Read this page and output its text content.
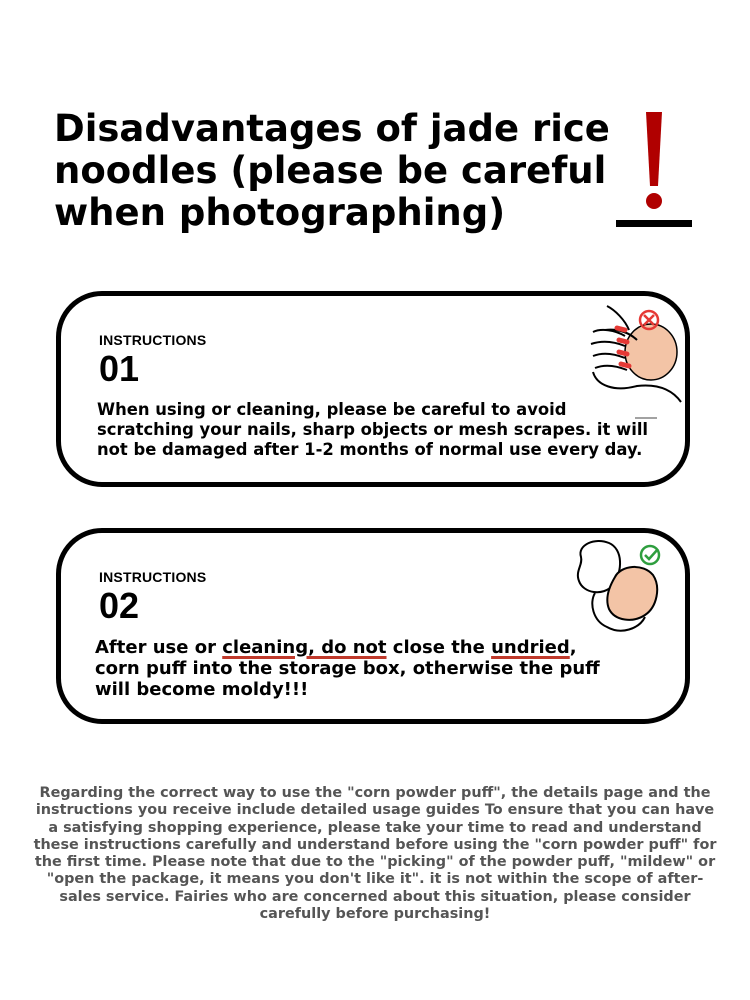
Disadvantages of jade rice noodles (please be careful when photographing)
INSTRUCTIONS
01
When using or cleaning, please be careful to avoid scratching your nails, sharp objects or mesh scrapes. it will not be damaged after 1-2 months of normal use every day.
INSTRUCTIONS
02
After use or cleaning, do not close the undried, corn puff into the storage box, otherwise the puff will become moldy!!!
Regarding the correct way to use the "corn powder puff", the details page and the instructions you receive include detailed usage guides To ensure that you can have a satisfying shopping experience, please take your time to read and understand these instructions carefully and understand before using the "corn powder puff" for the first time. Please note that due to the "picking" of the powder puff, "mildew" or "open the package, it means you don't like it". it is not within the scope of after-sales service. Fairies who are concerned about this situation, please consider carefully before purchasing!
